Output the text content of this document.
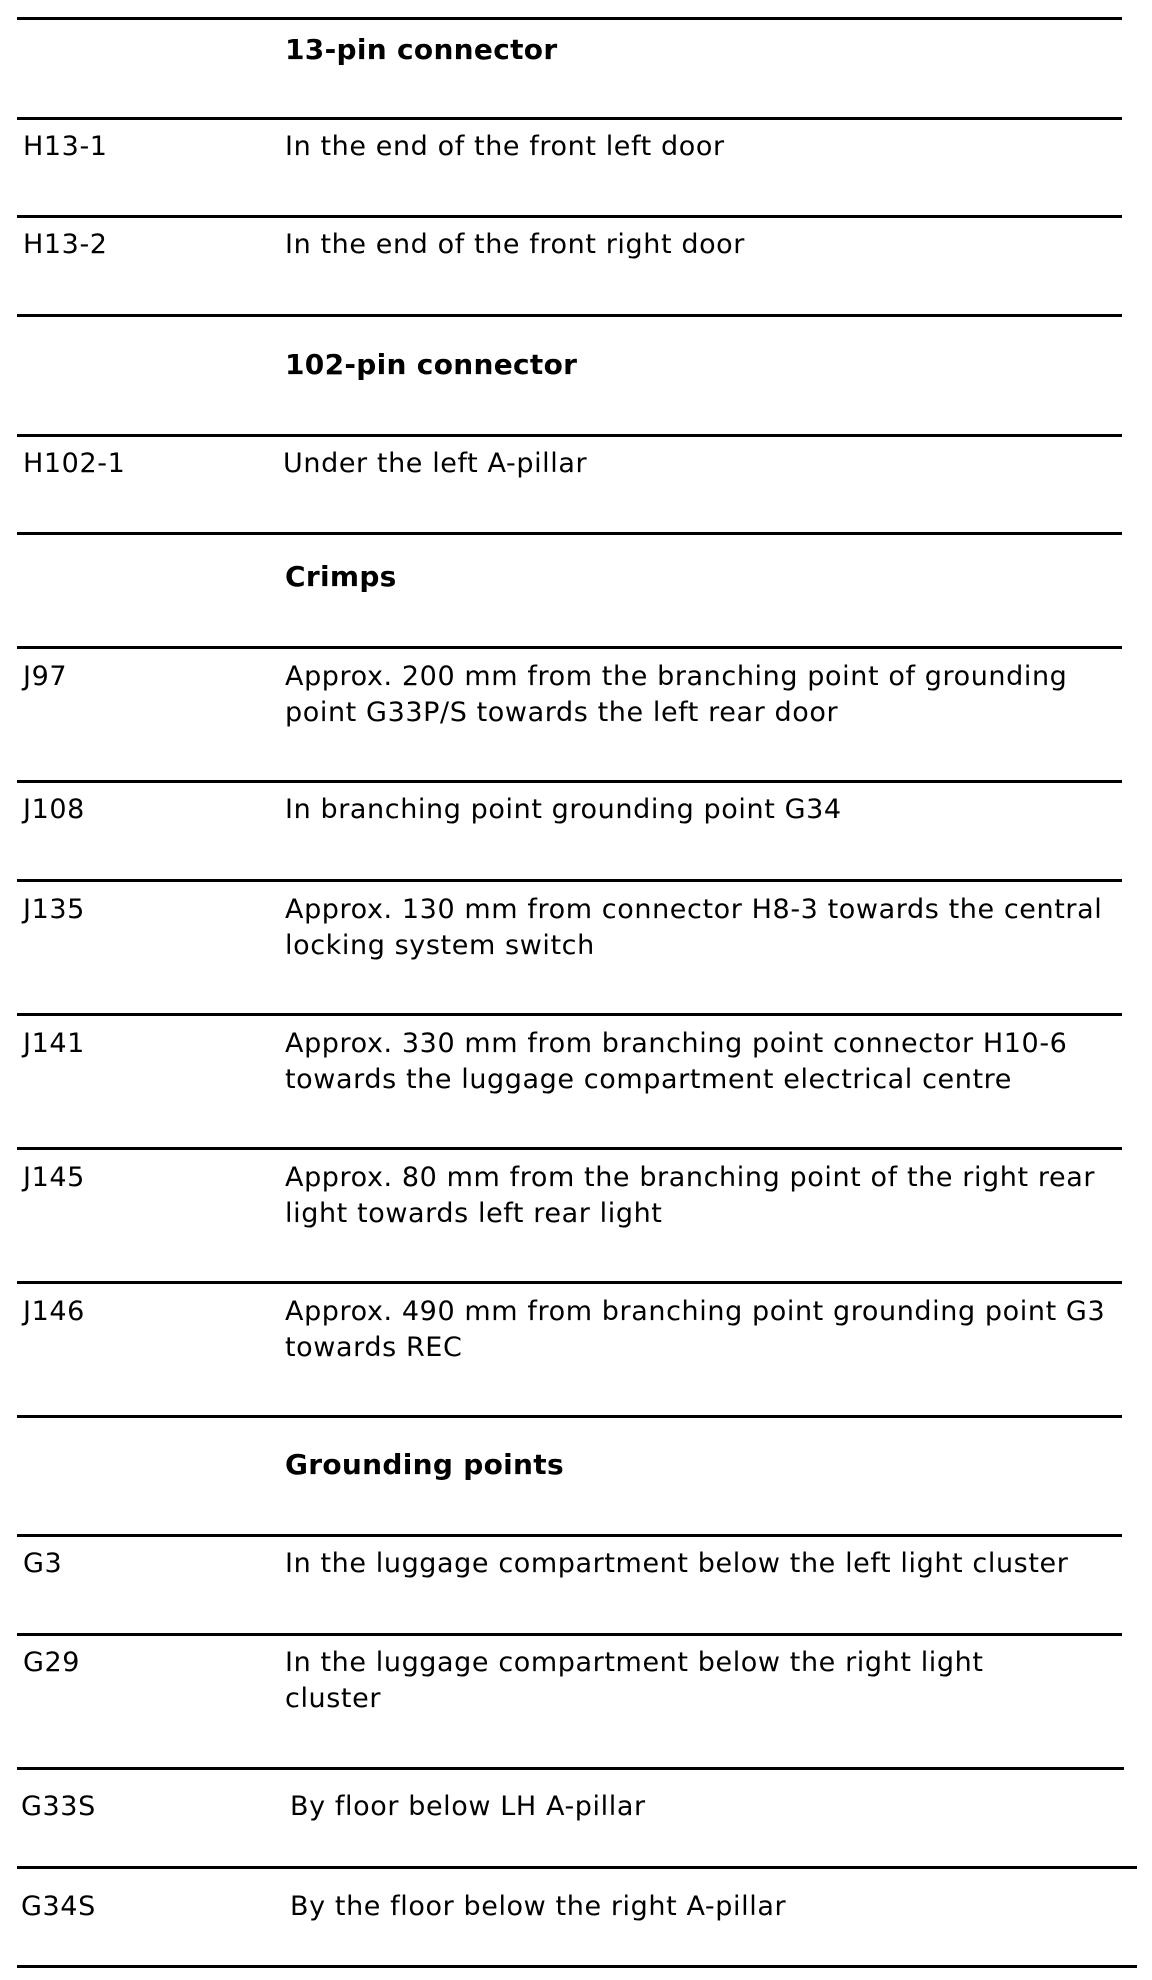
13-pin connector
H13-1	In the end of the front left door
H13-2	In the end of the front right door
102-pin connector
H102-1	Under the left A-pillar
Crimps
J97	Approx. 200 mm from the branching point of grounding point G33P/S towards the left rear door
J108	In branching point grounding point G34
J135	Approx. 130 mm from connector H8-3 towards the central locking system switch
J141	Approx. 330 mm from branching point connector H10-6 towards the luggage compartment electrical centre
J145	Approx. 80 mm from the branching point of the right rear light towards left rear light
J146	Approx. 490 mm from branching point grounding point G3 towards REC
Grounding points
G3	In the luggage compartment below the left light cluster
G29	In the luggage compartment below the right light cluster
G33S	By floor below LH A-pillar
G34S	By the floor below the right A-pillar
